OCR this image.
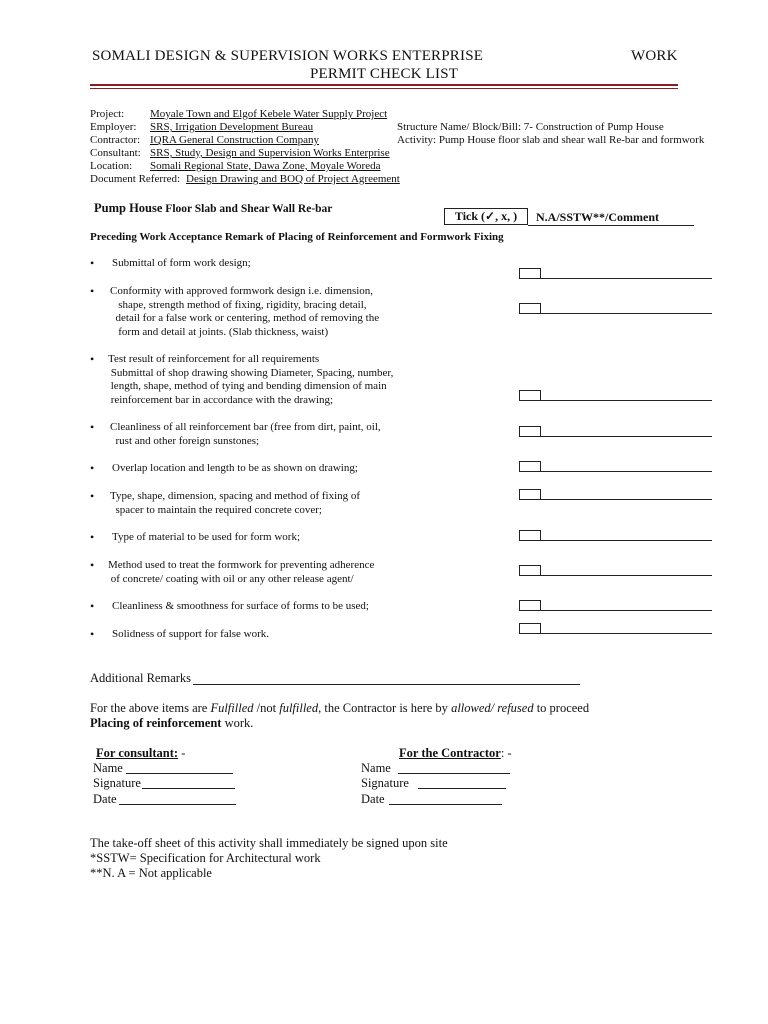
SOMALI DESIGN & SUPERVISION WORKS ENTERPRISE	WORK
PERMIT CHECK LIST
Project: Moyale Town and Elgof Kebele Water Supply Project
Employer: SRS, Irrigation Development Bureau	Structure Name/ Block/Bill: 7- Construction of Pump House
Contractor: IQRA General Construction Company	Activity: Pump House floor slab and shear wall Re-bar and formwork
Consultant: SRS, Study, Design and Supervision Works Enterprise
Location: Somali Regional State, Dawa Zone, Moyale Woreda
Document Referred: Design Drawing and BOQ of Project Agreement
Pump House Floor Slab and Shear Wall Re-bar	Tick (✓, x, )	N.A/SSTW**/Comment
Preceding Work Acceptance Remark of Placing of Reinforcement and Formwork Fixing
• Submittal of form work design;
• Conformity with approved formwork design i.e. dimension,
shape, strength method of fixing, rigidity, bracing detail,
detail for a false work or centering, method of removing the
form and detail at joints. (Slab thickness, waist)
• Test result of reinforcement for all requirements
Submittal of shop drawing showing Diameter, Spacing, number,
length, shape, method of tying and bending dimension of main
reinforcement bar in accordance with the drawing;
• Cleanliness of all reinforcement bar (free from dirt, paint, oil,
rust and other foreign sunstones;
• Overlap location and length to be as shown on drawing;
• Type, shape, dimension, spacing and method of fixing of
spacer to maintain the required concrete cover;
• Type of material to be used for form work;
• Method used to treat the formwork for preventing adherence
of concrete/ coating with oil or any other release agent/
• Cleanliness & smoothness for surface of forms to be used;
• Solidness of support for false work.
Additional Remarks
For the above items are Fulfilled /not fulfilled, the Contractor is here by allowed/ refused to proceed
Placing of reinforcement work.
For consultant: -
Name
Signature
Date
For the Contractor: -
Name
Signature
Date
The take-off sheet of this activity shall immediately be signed upon site
*SSTW= Specification for Architectural work
**N. A = Not applicable
